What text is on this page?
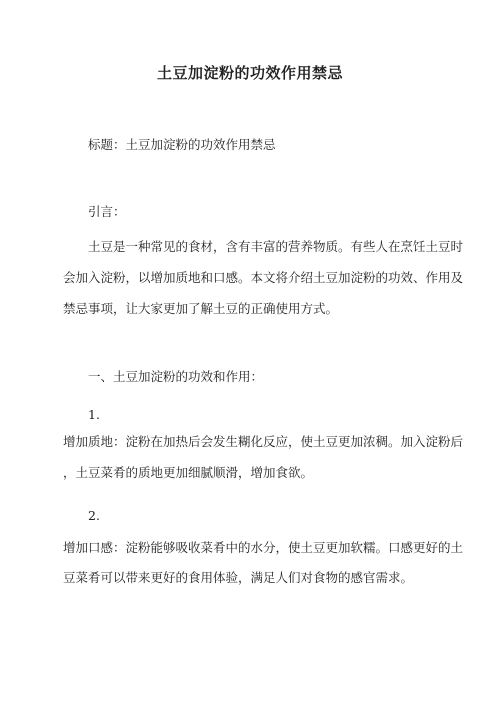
土豆加淀粉的功效作用禁忌
标题：土豆加淀粉的功效作用禁忌
引言：
土豆是一种常见的食材，含有丰富的营养物质。有些人在烹饪土豆时
会加入淀粉，以增加质地和口感。本文将介绍土豆加淀粉的功效、作用及
禁忌事项，让大家更加了解土豆的正确使用方式。
一、土豆加淀粉的功效和作用：
1.
增加质地：淀粉在加热后会发生糊化反应，使土豆更加浓稠。加入淀粉后
，土豆菜肴的质地更加细腻顺滑，增加食欲。
2.
增加口感：淀粉能够吸收菜肴中的水分，使土豆更加软糯。口感更好的土
豆菜肴可以带来更好的食用体验，满足人们对食物的感官需求。
